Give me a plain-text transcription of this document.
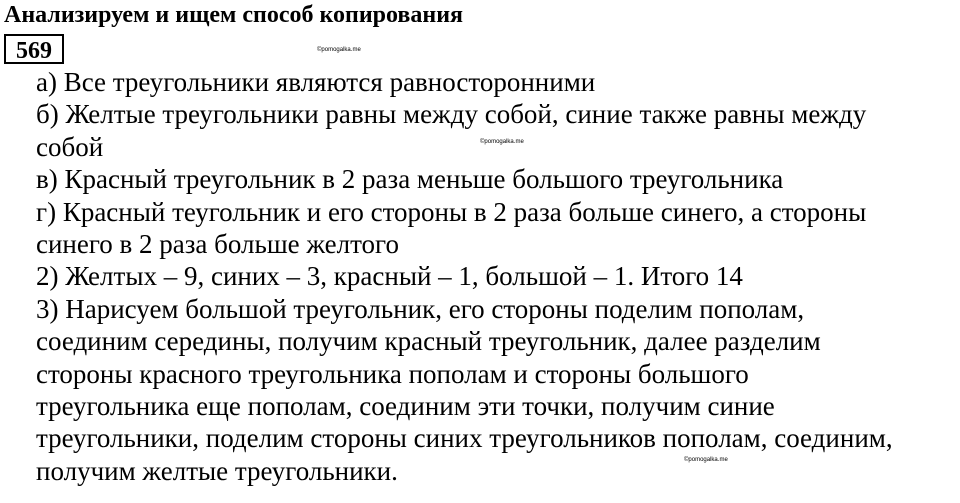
Анализируем и ищем способ копирования
569	©pomogalka.me
©pomogalka.me
©pomogalka.me
а) Все треугольники являются равносторонними
б) Желтые треугольники равны между собой, синие также равны между
собой
в) Красный треугольник в 2 раза меньше большого треугольника
г) Красный теугольник и его стороны в 2 раза больше синего, а стороны
синего в 2 раза больше желтого
2) Желтых – 9, синих – 3, красный – 1, большой – 1. Итого 14
3) Нарисуем большой треугольник, его стороны поделим пополам,
соединим середины, получим красный треугольник, далее разделим
стороны красного треугольника пополам и стороны большого
треугольника еще пополам, соединим эти точки, получим синие
треугольники, поделим стороны синих треугольников пополам, соединим,
получим желтые треугольники.
